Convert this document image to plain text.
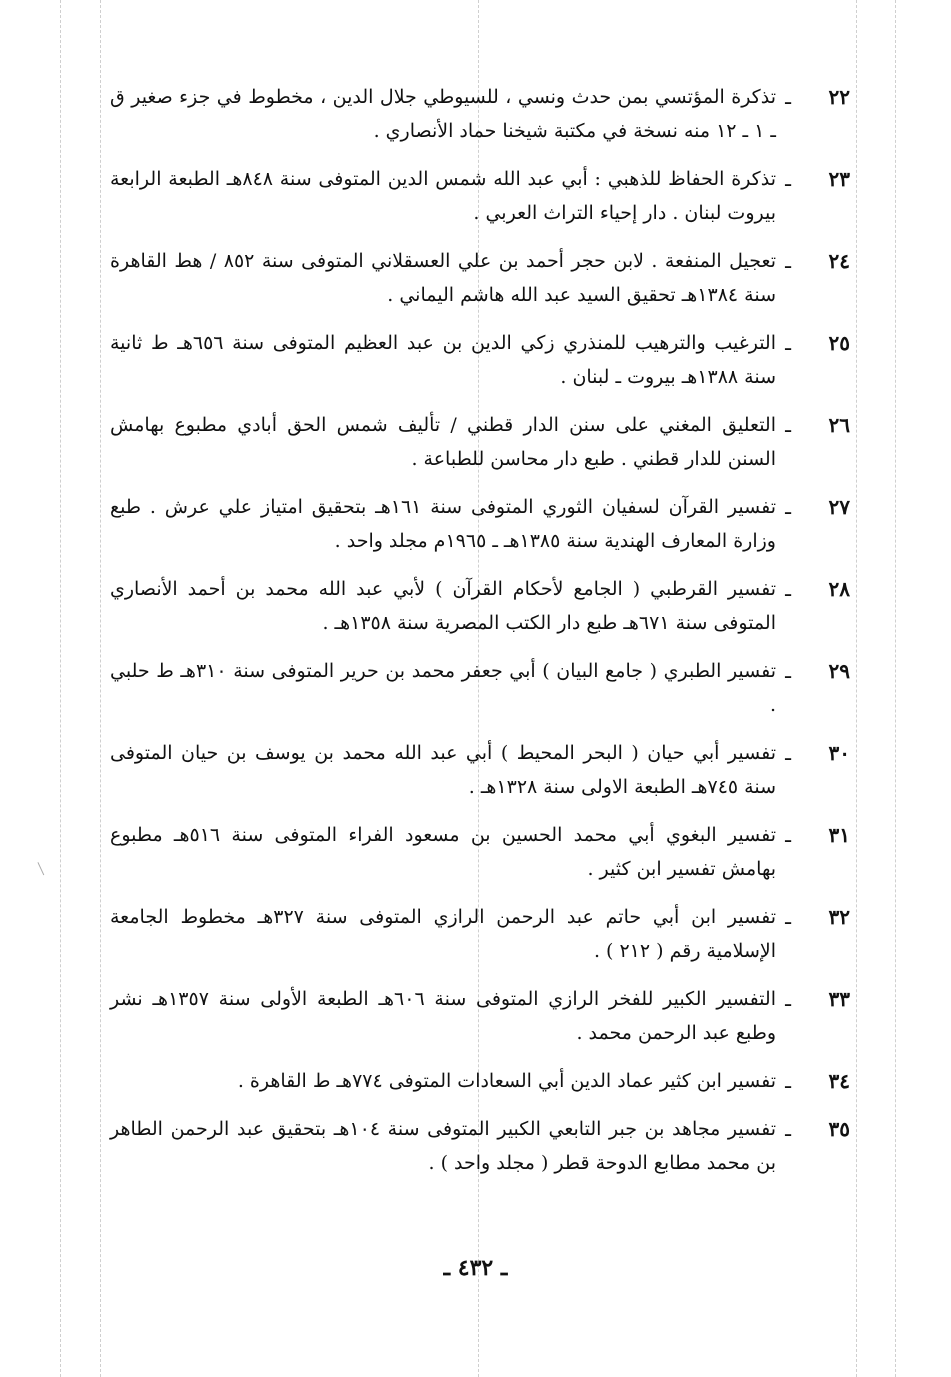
٢٢
ـ
تذكرة المؤتسي بمن حدث ونسي ، للسيوطي جلال الدين ، مخطوط في جزء صغير ق ـ ١ ـ ١٢ منه نسخة في مكتبة شيخنا حماد الأنصاري .
٢٣
ـ
تذكرة الحفاظ للذهبي : أبي عبد الله شمس الدين المتوفى سنة ٨٤٨هـ الطبعة الرابعة بيروت لبنان . دار إحياء التراث العربي .
٢٤
ـ
تعجيل المنفعة . لابن حجر أحمد بن علي العسقلاني المتوفى سنة ٨٥٢ / هط القاهرة سنة ١٣٨٤هـ تحقيق السيد عبد الله هاشم اليماني .
٢٥
ـ
الترغيب والترهيب للمنذري زكي الدين بن عبد العظيم المتوفى سنة ٦٥٦هـ ط ثانية سنة ١٣٨٨هـ بيروت ـ لبنان .
٢٦
ـ
التعليق المغني على سنن الدار قطني / تأليف شمس الحق أبادي مطبوع بهامش السنن للدار قطني . طبع دار محاسن للطباعة .
٢٧
ـ
تفسير القرآن لسفيان الثوري المتوفى سنة ١٦١هـ بتحقيق امتياز علي عرش . طبع وزارة المعارف الهندية سنة ١٣٨٥هـ ـ ١٩٦٥م مجلد واحد .
٢٨
ـ
تفسير القرطبي ( الجامع لأحكام القرآن ) لأبي عبد الله محمد بن أحمد الأنصاري المتوفى سنة ٦٧١هـ طبع دار الكتب المصرية سنة ١٣٥٨هـ .
٢٩
ـ
تفسير الطبري ( جامع البيان ) أبي جعفر محمد بن حرير المتوفى سنة ٣١٠هـ ط حلبي .
٣٠
ـ
تفسير أبي حيان ( البحر المحيط ) أبي عبد الله محمد بن يوسف بن حيان المتوفى سنة ٧٤٥هـ الطبعة الاولى سنة ١٣٢٨هـ .
٣١
ـ
تفسير البغوي أبي محمد الحسين بن مسعود الفراء المتوفى سنة ٥١٦هـ مطبوع بهامش تفسير ابن كثير .
٣٢
ـ
تفسير ابن أبي حاتم عبد الرحمن الرازي المتوفى سنة ٣٢٧هـ مخطوط الجامعة الإسلامية رقم ( ٢١٢ ) .
٣٣
ـ
التفسير الكبير للفخر الرازي المتوفى سنة ٦٠٦هـ الطبعة الأولى سنة ١٣٥٧هـ نشر وطبع عبد الرحمن محمد .
٣٤
ـ
تفسير ابن كثير عماد الدين أبي السعادات المتوفى ٧٧٤هـ ط القاهرة .
٣٥
ـ
تفسير مجاهد بن جبر التابعي الكبير المتوفى سنة ١٠٤هـ بتحقيق عبد الرحمن الطاهر بن محمد مطابع الدوحة قطر ( مجلد واحد ) .
ـ ٤٣٢ ـ
